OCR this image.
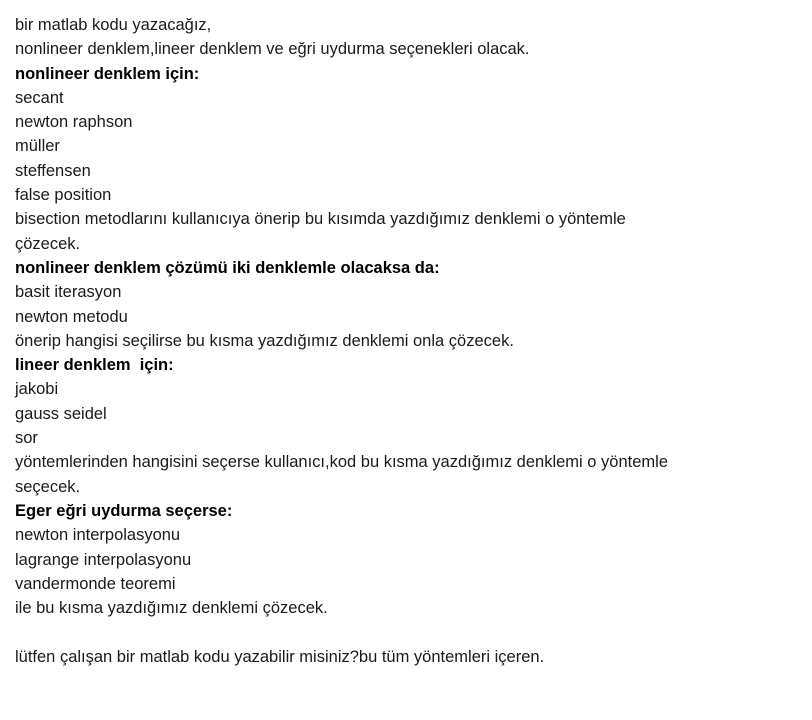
bir matlab kodu yazacağız,
nonlineer denklem,lineer denklem ve eğri uydurma seçenekleri olacak.
nonlineer denklem için:
secant
newton raphson
müller
steffensen
false position
bisection metodlarını kullanıcıya önerip bu kısımda yazdığımız denklemi o yöntemle
çözecek.
nonlineer denklem çözümü iki denklemle olacaksa da:
basit iterasyon
newton metodu
önerip hangisi seçilirse bu kısma yazdığımız denklemi onla çözecek.
lineer denklem  için:
jakobi
gauss seidel
sor
yöntemlerinden hangisini seçerse kullanıcı,kod bu kısma yazdığımız denklemi o yöntemle
seçecek.
Eger eğri uydurma seçerse:
newton interpolasyonu
lagrange interpolasyonu
vandermonde teoremi
ile bu kısma yazdığımız denklemi çözecek.
lütfen çalışan bir matlab kodu yazabilir misiniz?bu tüm yöntemleri içeren.
